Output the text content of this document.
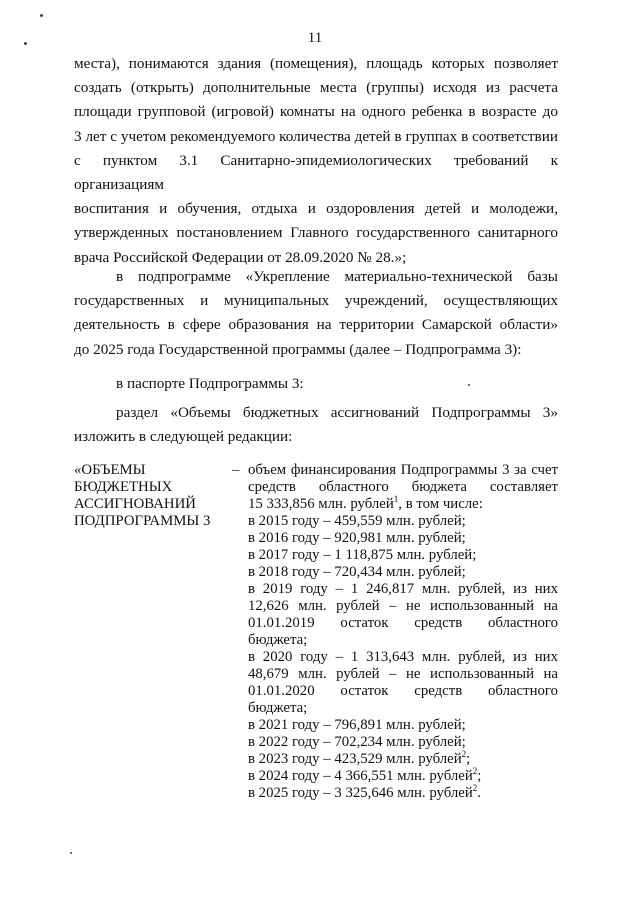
11
места), понимаются здания (помещения), площадь которых позволяет
создать (открыть) дополнительные места (группы) исходя из расчета
площади групповой (игровой) комнаты на одного ребенка в возрасте до
3 лет с учетом рекомендуемого количества детей в группах в соответствии
с пунктом 3.1 Санитарно-эпидемиологических требований к организациям
воспитания и обучения, отдыха и оздоровления детей и молодежи,
утвержденных постановлением Главного государственного санитарного
врача Российской Федерации от 28.09.2020 № 28.»;
в подпрограмме «Укрепление материально-технической базы
государственных и муниципальных учреждений, осуществляющих
деятельность в сфере образования на территории Самарской области»
до 2025 года Государственной программы (далее – Подпрограмма 3):
в паспорте Подпрограммы 3:
раздел «Объемы бюджетных ассигнований Подпрограммы 3»
изложить в следующей редакции:
«ОБЪЕМЫ
БЮДЖЕТНЫХ
АССИГНОВАНИЙ
ПОДПРОГРАММЫ 3
– объем финансирования Подпрограммы 3 за счет
средств областного бюджета составляет
15 333,856 млн. рублей$^1$, в том числе:
в 2015 году – 459,559 млн. рублей;
в 2016 году – 920,981 млн. рублей;
в 2017 году – 1 118,875 млн. рублей;
в 2018 году – 720,434 млн. рублей;
в 2019 году – 1 246,817 млн. рублей, из них
12,626 млн. рублей – не использованный на
01.01.2019 остаток средств областного
бюджета;
в 2020 году – 1 313,643 млн. рублей, из них
48,679 млн. рублей – не использованный на
01.01.2020 остаток средств областного
бюджета;
в 2021 году – 796,891 млн. рублей;
в 2022 году – 702,234 млн. рублей;
в 2023 году – 423,529 млн. рублей$^2$;
в 2024 году – 4 366,551 млн. рублей$^2$;
в 2025 году – 3 325,646 млн. рублей$^2$.
